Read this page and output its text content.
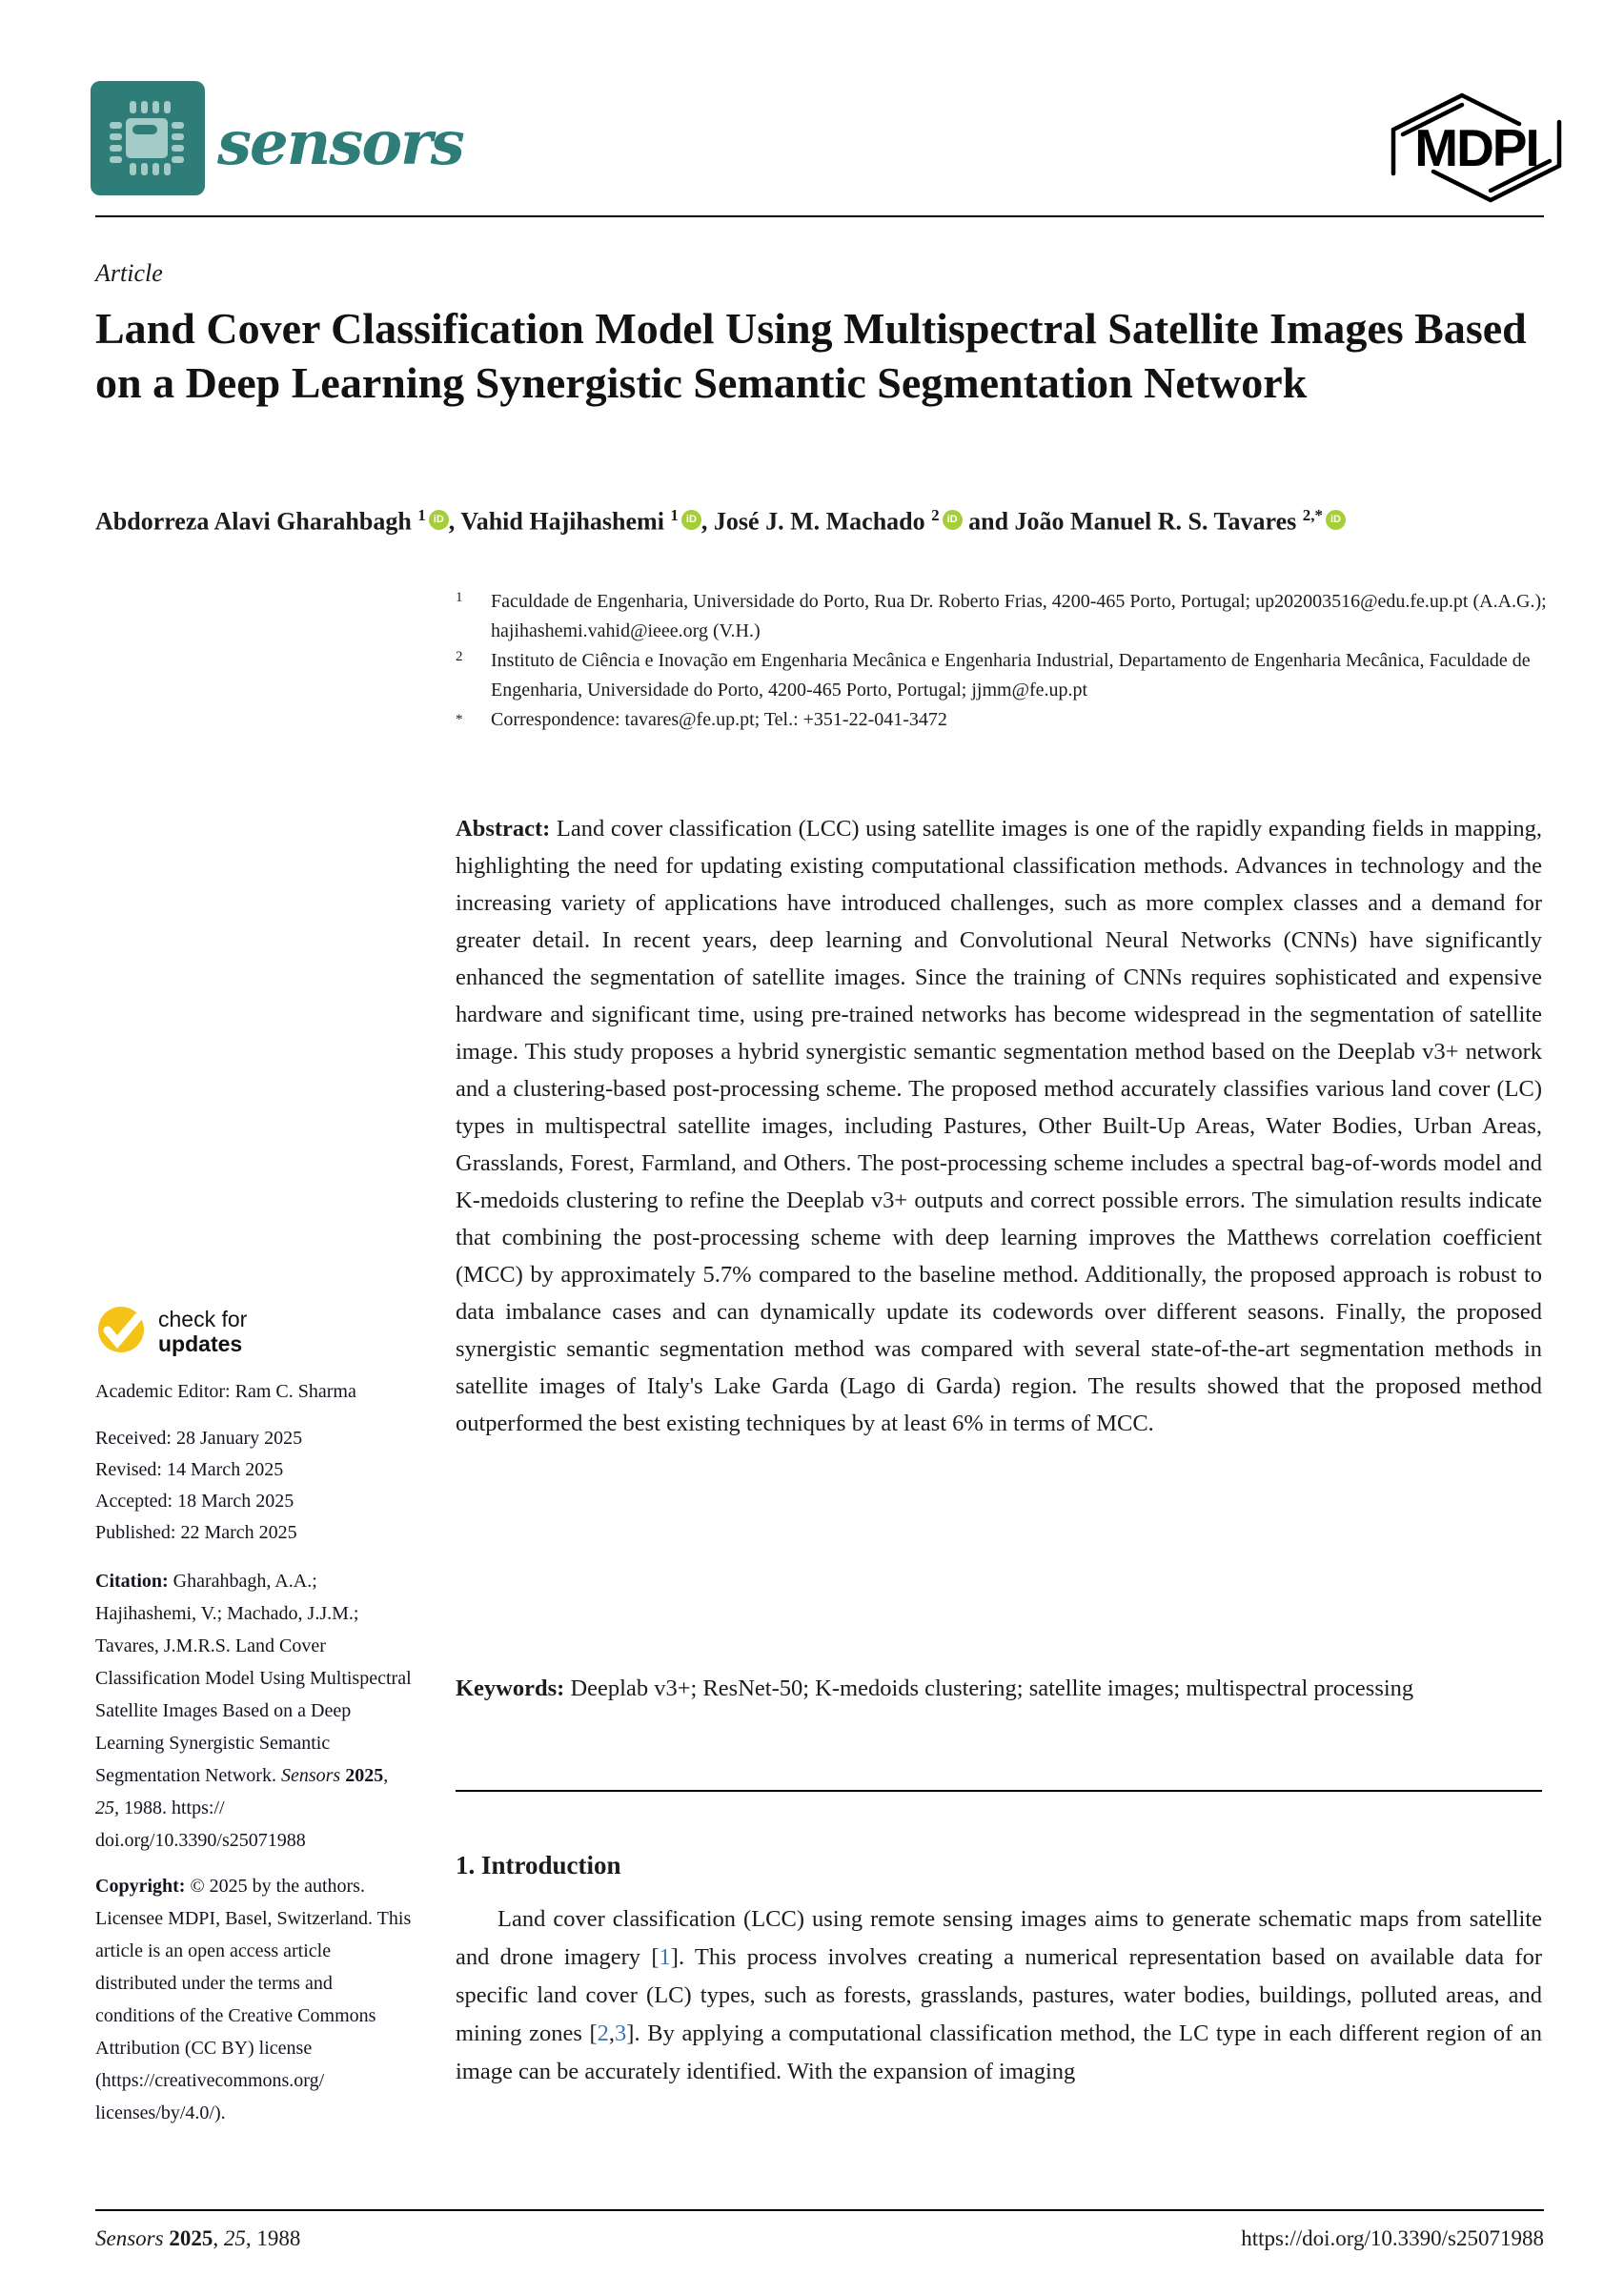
sensors	MDPI
Article
Land Cover Classification Model Using Multispectral Satellite Images Based on a Deep Learning Synergistic Semantic Segmentation Network
Abdorreza Alavi Gharahbagh $^1$ iD , Vahid Hajihashemi $^1$ iD , José J. M. Machado $^2$ iD and João Manuel R. S. Tavares $^{2,*}$ iD
1	Faculdade de Engenharia, Universidade do Porto, Rua Dr. Roberto Frias, 4200-465 Porto, Portugal; up202003516@edu.fe.up.pt (A.A.G.); hajihashemi.vahid@ieee.org (V.H.)
2	Instituto de Ciência e Inovação em Engenharia Mecânica e Engenharia Industrial, Departamento de Engenharia Mecânica, Faculdade de Engenharia, Universidade do Porto, 4200-465 Porto, Portugal; jjmm@fe.up.pt
*	Correspondence: tavares@fe.up.pt; Tel.: +351-22-041-3472

Abstract: Land cover classification (LCC) using satellite images is one of the rapidly expanding fields in mapping, highlighting the need for updating existing computational classification methods. Advances in technology and the increasing variety of applications have introduced challenges, such as more complex classes and a demand for greater detail. In recent years, deep learning and Convolutional Neural Networks (CNNs) have significantly enhanced the segmentation of satellite images. Since the training of CNNs requires sophisticated and expensive hardware and significant time, using pre-trained networks has become widespread in the segmentation of satellite image. This study proposes a hybrid synergistic semantic segmentation method based on the Deeplab v3+ network and a clustering-based post-processing scheme. The proposed method accurately classifies various land cover (LC) types in multispectral satellite images, including Pastures, Other Built-Up Areas, Water Bodies, Urban Areas, Grasslands, Forest, Farmland, and Others. The post-processing scheme includes a spectral bag-of-words model and K-medoids clustering to refine the Deeplab v3+ outputs and correct possible errors. The simulation results indicate that combining the post-processing scheme with deep learning improves the Matthews correlation coefficient (MCC) by approximately 5.7% compared to the baseline method. Additionally, the proposed approach is robust to data imbalance cases and can dynamically update its codewords over different seasons. Finally, the proposed synergistic semantic segmentation method was compared with several state-of-the-art segmentation methods in satellite images of Italy's Lake Garda (Lago di Garda) region. The results showed that the proposed method outperformed the best existing techniques by at least 6% in terms of MCC.

Keywords: Deeplab v3+; ResNet-50; K-medoids clustering; satellite images; multispectral processing

1. Introduction

Land cover classification (LCC) using remote sensing images aims to generate schematic maps from satellite and drone imagery [1]. This process involves creating a numerical representation based on available data for specific land cover (LC) types, such as forests, grasslands, pastures, water bodies, buildings, polluted areas, and mining zones [2,3]. By applying a computational classification method, the LC type in each different region of an image can be accurately identified. With the expansion of imaging

check for
updates
Academic Editor: Ram C. Sharma
Received: 28 January 2025
Revised: 14 March 2025
Accepted: 18 March 2025
Published: 22 March 2025
Citation: Gharahbagh, A.A.; Hajihashemi, V.; Machado, J.J.M.; Tavares, J.M.R.S. Land Cover Classification Model Using Multispectral Satellite Images Based on a Deep Learning Synergistic Semantic Segmentation Network. Sensors 2025, 25, 1988. https://doi.org/10.3390/s25071988
Copyright: © 2025 by the authors. Licensee MDPI, Basel, Switzerland. This article is an open access article distributed under the terms and conditions of the Creative Commons Attribution (CC BY) license (https://creativecommons.org/licenses/by/4.0/).
Sensors 2025, 25, 1988	https://doi.org/10.3390/s25071988
